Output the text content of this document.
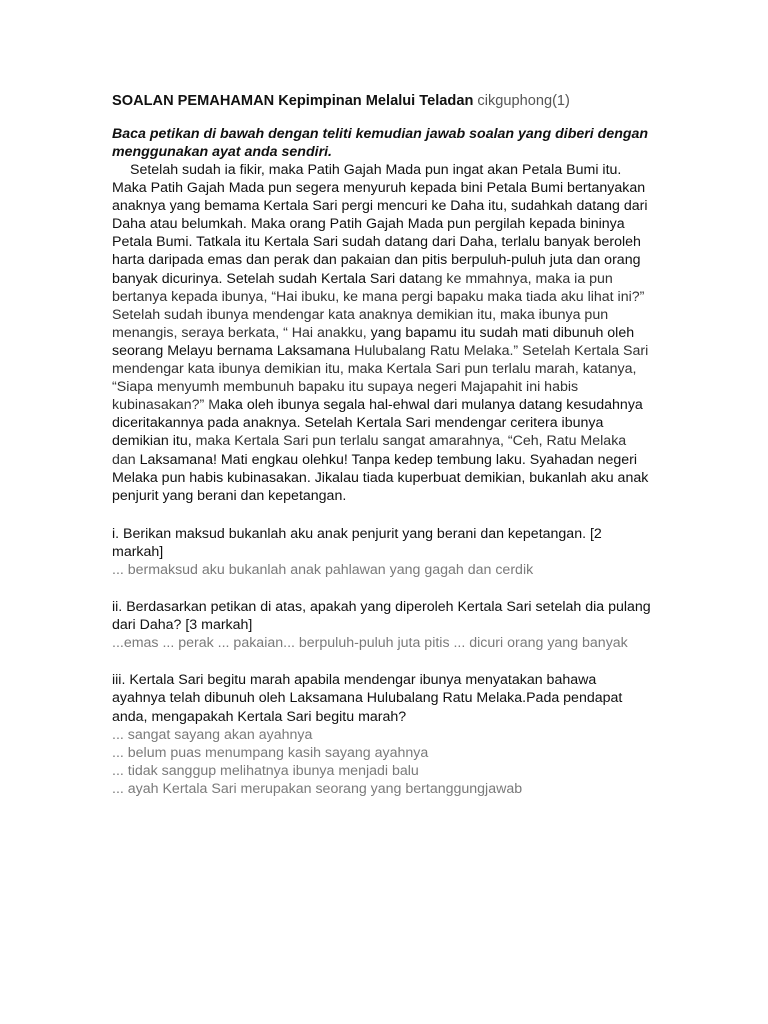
SOALAN PEMAHAMAN Kepimpinan Melalui Teladan cikguphong(1)

Baca petikan di bawah dengan teliti kemudian jawab soalan yang diberi dengan menggunakan ayat anda sendiri.

Setelah sudah ia fikir, maka Patih Gajah Mada pun ingat akan Petala Bumi itu. Maka Patih Gajah Mada pun segera menyuruh kepada bini Petala Bumi bertanyakan anaknya yang bemama Kertala Sari pergi mencuri ke Daha itu, sudahkah datang dari Daha atau belumkah. Maka orang Patih Gajah Mada pun pergilah kepada bininya Petala Bumi. Tatkala itu Kertala Sari sudah datang dari Daha, terlalu banyak beroleh harta daripada emas dan perak dan pakaian dan pitis berpuluh-puluh juta dan orang banyak dicurinya. Setelah sudah Kertala Sari datang ke mmahnya, maka ia pun bertanya kepada ibunya, “Hai ibuku, ke mana pergi bapaku maka tiada aku lihat ini?” Setelah sudah ibunya mendengar kata anaknya demikian itu, maka ibunya pun menangis, seraya berkata, “ Hai anakku, yang bapamu itu sudah mati dibunuh oleh seorang Melayu bernama Laksamana Hulubalang Ratu Melaka.” Setelah Kertala Sari mendengar kata ibunya demikian itu, maka Kertala Sari pun terlalu marah, katanya, “Siapa menyumh membunuh bapaku itu supaya negeri Majapahit ini habis kubinasakan?” Maka oleh ibunya segala hal-ehwal dari mulanya datang kesudahnya diceritakannya pada anaknya. Setelah Kertala Sari mendengar ceritera ibunya demikian itu, maka Kertala Sari pun terlalu sangat amarahnya, “Ceh, Ratu Melaka dan Laksamana! Mati engkau olehku! Tanpa kedep tembung laku. Syahadan negeri Melaka pun habis kubinasakan. Jikalau tiada kuperbuat demikian, bukanlah aku anak penjurit yang berani dan kepetangan.

i. Berikan maksud bukanlah aku anak penjurit yang berani dan kepetangan. [2 markah]

... bermaksud aku bukanlah anak pahlawan yang gagah dan cerdik

ii. Berdasarkan petikan di atas, apakah yang diperoleh Kertala Sari setelah dia pulang dari Daha? [3 markah]

...emas ... perak ... pakaian... berpuluh-puluh juta pitis ... dicuri orang yang banyak

iii. Kertala Sari begitu marah apabila mendengar ibunya menyatakan bahawa ayahnya telah dibunuh oleh Laksamana Hulubalang Ratu Melaka.Pada pendapat anda, mengapakah Kertala Sari begitu marah?

... sangat sayang akan ayahnya

... belum puas menumpang kasih sayang ayahnya

... tidak sanggup melihatnya ibunya menjadi balu

... ayah Kertala Sari merupakan seorang yang bertanggungjawab
